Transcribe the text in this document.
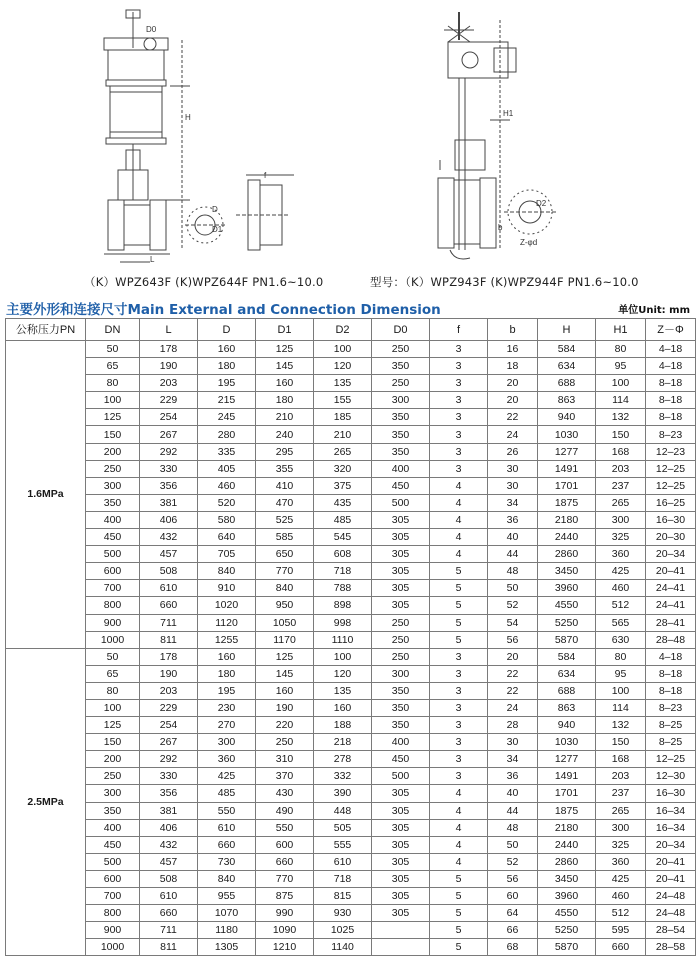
D0
H
L
D
D1
f
H1
Z-φd
D2
b
（K）WPZ643F (K)WPZ644F PN1.6~10.0	型号：（K）WPZ943F (K)WPZ944F PN1.6~10.0
主要外形和连接尺寸Main External and Connection Dimension	单位Unit: mm
公称压力PN	DN	L	D	D1	D2	D0	f	b	H	H1	Z－Φ
1.6MPa	50	178	160	125	100	250	3	16	584	80	4–18
	65	190	180	145	120	350	3	18	634	95	4–18
	80	203	195	160	135	250	3	20	688	100	8–18
	100	229	215	180	155	300	3	20	863	114	8–18
	125	254	245	210	185	350	3	22	940	132	8–18
	150	267	280	240	210	350	3	24	1030	150	8–23
	200	292	335	295	265	350	3	26	1277	168	12–23
	250	330	405	355	320	400	3	30	1491	203	12–25
	300	356	460	410	375	450	4	30	1701	237	12–25
	350	381	520	470	435	500	4	34	1875	265	16–25
	400	406	580	525	485	305	4	36	2180	300	16–30
	450	432	640	585	545	305	4	40	2440	325	20–30
	500	457	705	650	608	305	4	44	2860	360	20–34
	600	508	840	770	718	305	5	48	3450	425	20–41
	700	610	910	840	788	305	5	50	3960	460	24–41
	800	660	1020	950	898	305	5	52	4550	512	24–41
	900	711	1120	1050	998	250	5	54	5250	565	28–41
	1000	811	1255	1170	1110	250	5	56	5870	630	28–48
2.5MPa	50	178	160	125	100	250	3	20	584	80	4–18
	65	190	180	145	120	300	3	22	634	95	8–18
	80	203	195	160	135	350	3	22	688	100	8–18
	100	229	230	190	160	350	3	24	863	114	8–23
	125	254	270	220	188	350	3	28	940	132	8–25
	150	267	300	250	218	400	3	30	1030	150	8–25
	200	292	360	310	278	450	3	34	1277	168	12–25
	250	330	425	370	332	500	3	36	1491	203	12–30
	300	356	485	430	390	305	4	40	1701	237	16–30
	350	381	550	490	448	305	4	44	1875	265	16–34
	400	406	610	550	505	305	4	48	2180	300	16–34
	450	432	660	600	555	305	4	50	2440	325	20–34
	500	457	730	660	610	305	4	52	2860	360	20–41
	600	508	840	770	718	305	5	56	3450	425	20–41
	700	610	955	875	815	305	5	60	3960	460	24–48
	800	660	1070	990	930	305	5	64	4550	512	24–48
	900	711	1180	1090	1025		5	66	5250	595	28–54
	1000	811	1305	1210	1140		5	68	5870	660	28–58
